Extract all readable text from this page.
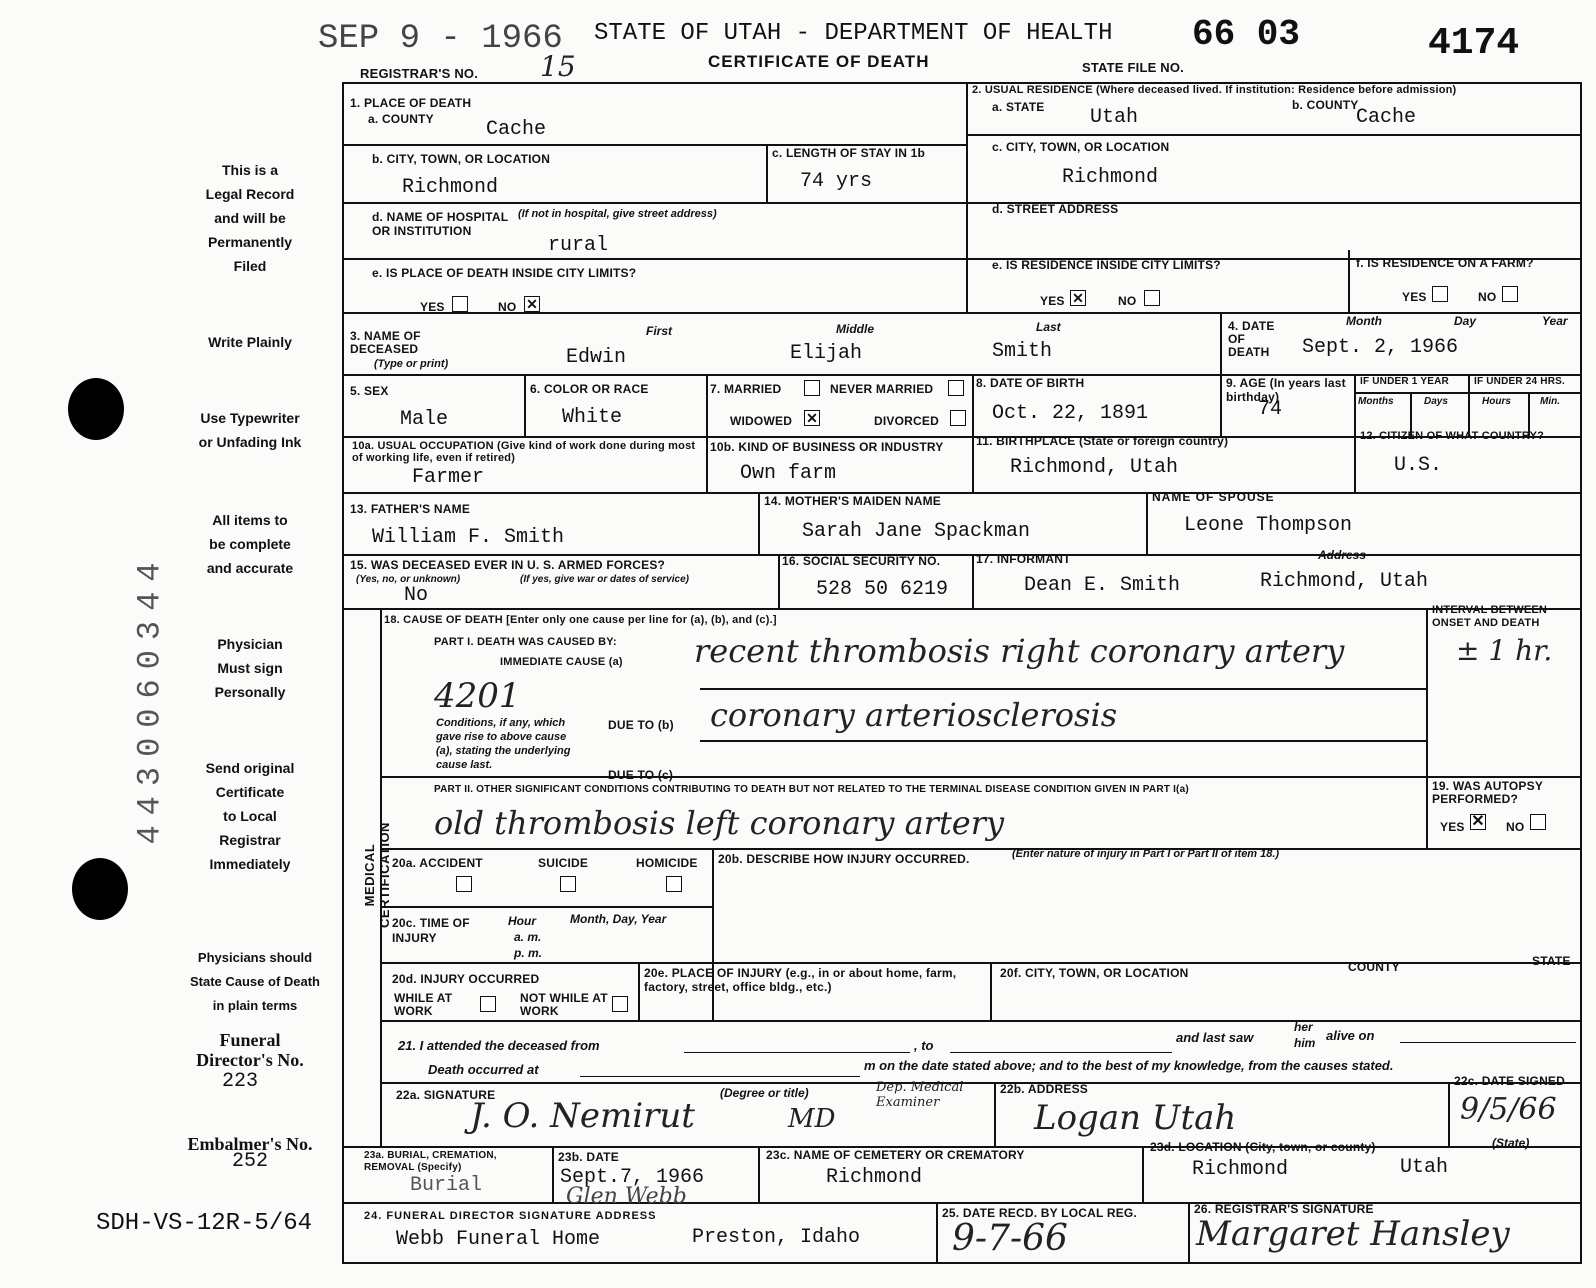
4430060344
This is a
Legal Record
and will be
Permanently
Filed
Write Plainly
Use Typewriter
or Unfading Ink
All items to
be complete
and accurate
Physician
Must sign
Personally
Send original
Certificate
to Local
Registrar
Immediately
Physicians should
State Cause of Death
in plain terms
Funeral
Director's No.
223
Embalmer's No.
252
SDH-VS-12R-5/64
SEP 9 - 1966
REGISTRAR'S NO. 15
STATE OF UTAH - DEPARTMENT OF HEALTH
CERTIFICATE OF DEATH	STATE FILE NO.
66 03	4174
MEDICAL CERTIFICATION
1. PLACE OF DEATH
a. COUNTY	Cache
b. CITY, TOWN, OR LOCATION
Richmond
c. LENGTH OF STAY IN 1b
74 yrs
d. NAME OF HOSPITAL OR INSTITUTION
(If not in hospital, give street address)
rural
e. IS PLACE OF DEATH INSIDE CITY LIMITS?
YES	NO ✕
2. USUAL RESIDENCE (Where deceased lived. If institution: Residence before admission)
a. STATE Utah
b. COUNTY
Cache
c. CITY, TOWN, OR LOCATION
Richmond
d. STREET ADDRESS
e. IS RESIDENCE INSIDE CITY LIMITS?
YES ✕	NO
f. IS RESIDENCE ON A FARM?
YES	NO
3. NAME OF DECEASED
(Type or print)
First	Middle	Last
Edwin	Elijah	Smith
4. DATE OF DEATH
Month	Day	Year
Sept. 2, 1966
5. SEX
Male
6. COLOR OR RACE
White
7. MARRIED	NEVER MARRIED
WIDOWED ✕	DIVORCED
8. DATE OF BIRTH
Oct. 22, 1891
9. AGE (In years last birthday)
74
IF UNDER 1 YEAR	IF UNDER 24 HRS.
Months	Days	Hours	Min.
10a. USUAL OCCUPATION (Give kind of work done during most of working life, even if retired)
Farmer
10b. KIND OF BUSINESS OR INDUSTRY
Own farm
11. BIRTHPLACE (State or foreign country)
Richmond, Utah
12. CITIZEN OF WHAT COUNTRY?
U.S.
13. FATHER'S NAME
William F. Smith
14. MOTHER'S MAIDEN NAME
Sarah Jane Spackman
NAME OF SPOUSE
Leone Thompson
15. WAS DECEASED EVER IN U. S. ARMED FORCES?
(Yes, no, or unknown)	(If yes, give war or dates of service)
No
16. SOCIAL SECURITY NO.
528 50 6219
17. INFORMANT	Address
Dean E. Smith	Richmond, Utah
18. CAUSE OF DEATH [Enter only one cause per line for (a), (b), and (c).]
PART I. DEATH WAS CAUSED BY:
IMMEDIATE CAUSE (a) recent thrombosis right coronary artery
INTERVAL BETWEEN ONSET AND DEATH
± 1 hr.
4201
Conditions, if any, which gave rise to above cause (a), stating the underlying cause last.
DUE TO (b) coronary arteriosclerosis
DUE TO (c)
PART II. OTHER SIGNIFICANT CONDITIONS CONTRIBUTING TO DEATH BUT NOT RELATED TO THE TERMINAL DISEASE CONDITION GIVEN IN PART I(a)
old thrombosis left coronary artery
19. WAS AUTOPSY PERFORMED?
YES ✕ NO
20a. ACCIDENT	SUICIDE	HOMICIDE 20b. DESCRIBE HOW INJURY OCCURRED.	(Enter nature of injury in Part I or Part II of item 18.)
20c. TIME OF INJURY
Hour
a. m.
p. m.
Month, Day, Year
20d. INJURY OCCURRED
WHILE AT WORK
NOT WHILE AT WORK
20e. PLACE OF INJURY (e.g., in or about home, farm, factory, street, office bldg., etc.)
20f. CITY, TOWN, OR LOCATION	COUNTY	STATE
21. I attended the deceased from	, to
and last saw
her
him alive on
Death occurred at	m on the date stated above; and to the best of my knowledge, from the causes stated.
22a. SIGNATURE
J. O. Nemirut
(Degree or title)
MD
Dep. Medical Examiner
22b. ADDRESS
Logan Utah
22c. DATE SIGNED
9/5/66
23a. BURIAL, CREMATION, REMOVAL (Specify)
Burial
23b. DATE
Sept.7, 1966
23c. NAME OF CEMETERY OR CREMATORY
Richmond
23d. LOCATION (City, town, or county)	(State)
Richmond	Utah
24. FUNERAL DIRECTOR SIGNATURE ADDRESS
Glen Webb
Webb Funeral Home	Preston, Idaho
25. DATE RECD. BY LOCAL REG.
9-7-66
26. REGISTRAR'S SIGNATURE
Margaret Hansley
